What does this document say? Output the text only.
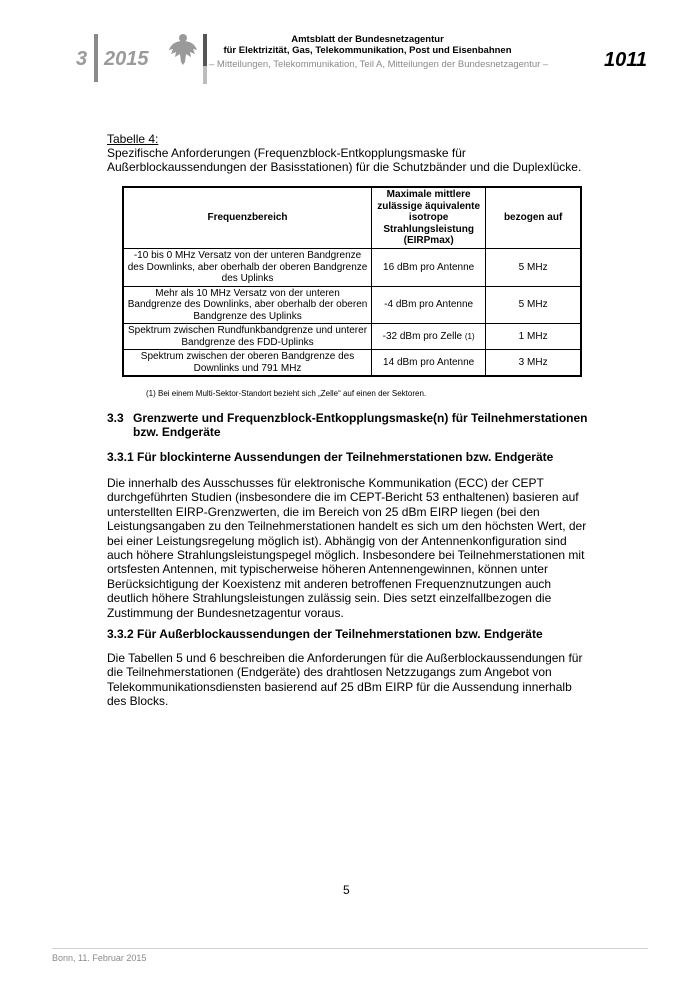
3 2015
Amtsblatt der Bundesnetzagentur
für Elektrizität, Gas, Telekommunikation, Post und Eisenbahnen
– Mitteilungen, Telekommunikation, Teil A, Mitteilungen der Bundesnetzagentur –	1011
Tabelle 4:
Spezifische Anforderungen (Frequenzblock-Entkopplungsmaske für Außerblockaussendungen der Basisstationen) für die Schutzbänder und die Duplexlücke.
Frequenzbereich	Maximale mittlere zulässige äquivalente isotrope Strahlungsleistung (EIRPmax)	bezogen auf
-10 bis 0 MHz Versatz von der unteren Bandgrenze des Downlinks, aber oberhalb der oberen Bandgrenze des Uplinks	16 dBm pro Antenne	5 MHz
Mehr als 10 MHz Versatz von der unteren Bandgrenze des Downlinks, aber oberhalb der oberen Bandgrenze des Uplinks	-4 dBm pro Antenne	5 MHz
Spektrum zwischen Rundfunkbandgrenze und unterer Bandgrenze des FDD-Uplinks	-32 dBm pro Zelle (1)	1 MHz
Spektrum zwischen der oberen Bandgrenze des Downlinks und 791 MHz	14 dBm pro Antenne	3 MHz
(1) Bei einem Multi-Sektor-Standort bezieht sich „Zelle“ auf einen der Sektoren.
3.3 Grenzwerte und Frequenzblock-Entkopplungsmaske(n) für Teilnehmerstationen bzw. Endgeräte
3.3.1 Für blockinterne Aussendungen der Teilnehmerstationen bzw. Endgeräte
Die innerhalb des Ausschusses für elektronische Kommunikation (ECC) der CEPT durchgeführten Studien (insbesondere die im CEPT-Bericht 53 enthaltenen) basieren auf unterstellten EIRP-Grenzwerten, die im Bereich von 25 dBm EIRP liegen (bei den Leistungsangaben zu den Teilnehmerstationen handelt es sich um den höchsten Wert, der bei einer Leistungsregelung möglich ist). Abhängig von der Antennenkonfiguration sind auch höhere Strahlungsleistungspegel möglich. Insbesondere bei Teilnehmerstationen mit ortsfesten Antennen, mit typischerweise höheren Antennengewinnen, können unter Berücksichtigung der Koexistenz mit anderen betroffenen Frequenznutzungen auch deutlich höhere Strahlungsleistungen zulässig sein. Dies setzt einzelfallbezogen die Zustimmung der Bundesnetzagentur voraus.
3.3.2 Für Außerblockaussendungen der Teilnehmerstationen bzw. Endgeräte
Die Tabellen 5 und 6 beschreiben die Anforderungen für die Außerblockaussendungen für die Teilnehmerstationen (Endgeräte) des drahtlosen Netzzugangs zum Angebot von Telekommunikationsdiensten basierend auf 25 dBm EIRP für die Aussendung innerhalb des Blocks.
5
Bonn, 11. Februar 2015
